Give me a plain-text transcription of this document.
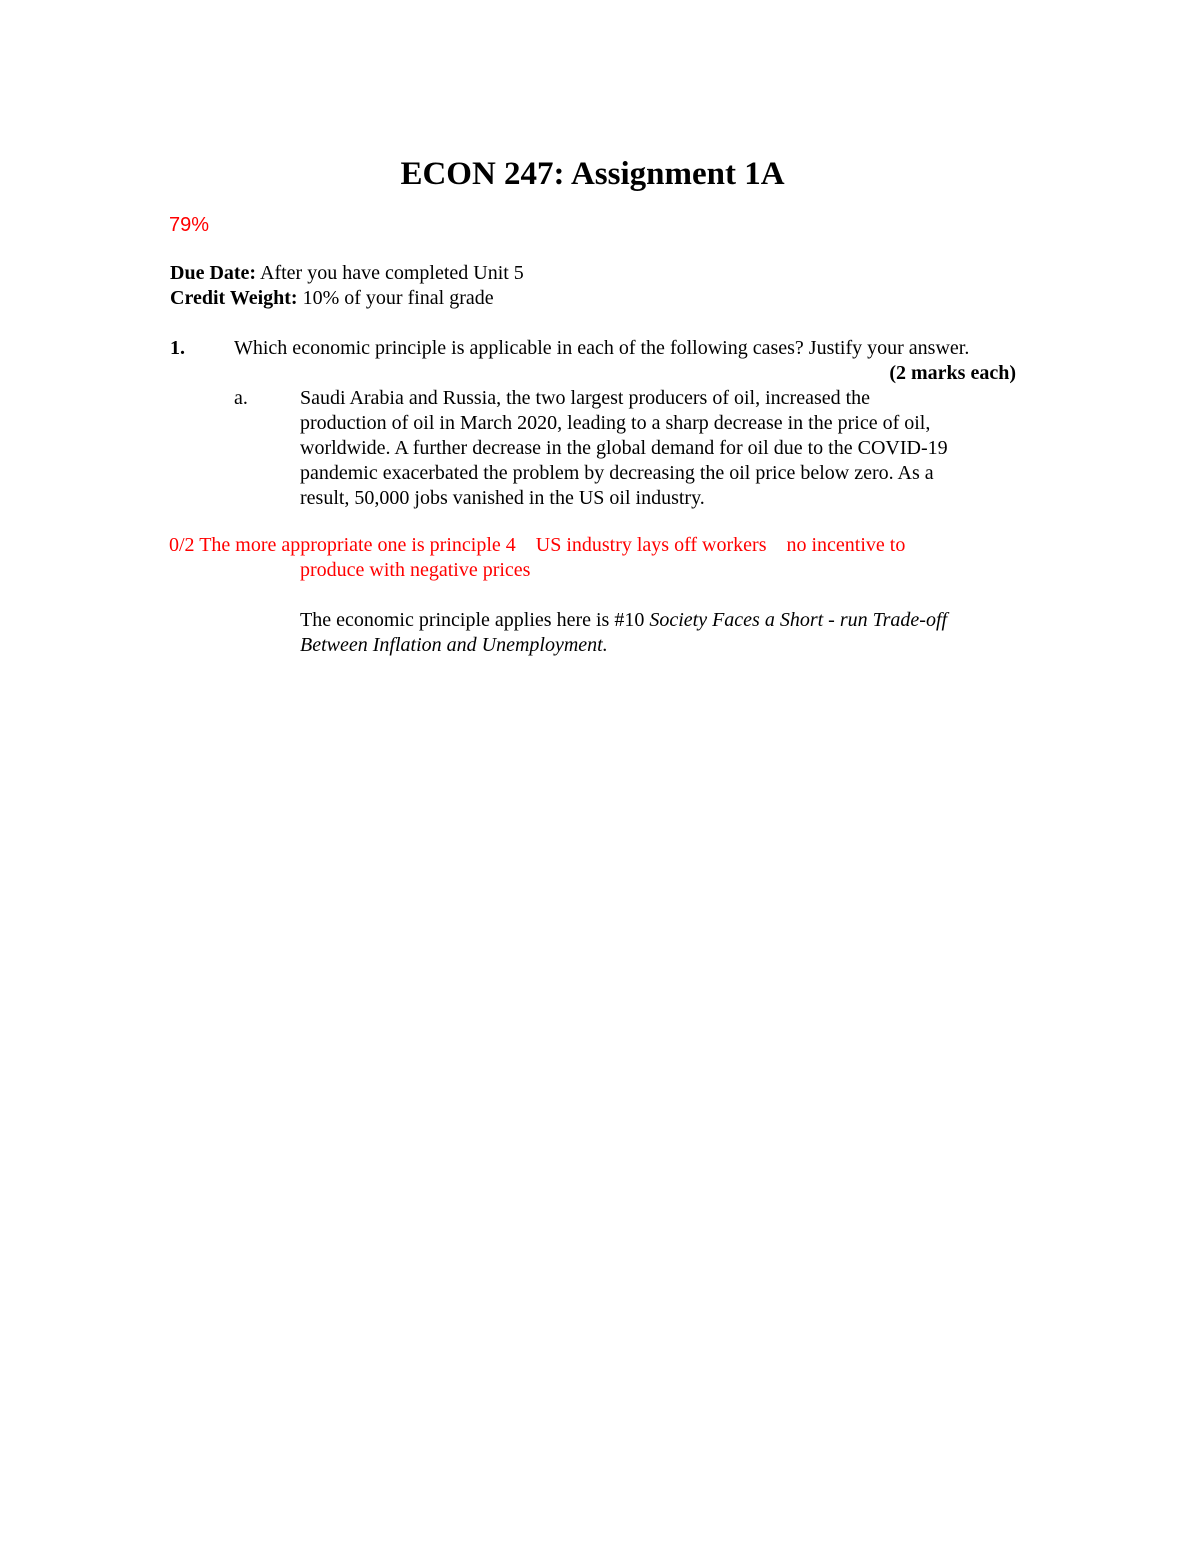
ECON 247: Assignment 1A
79%
Due Date: After you have completed Unit 5
Credit Weight: 10% of your final grade
1. Which economic principle is applicable in each of the following cases? Justify your answer.
(2 marks each)
a.	Saudi Arabia and Russia, the two largest producers of oil, increased the
production of oil in March 2020, leading to a sharp decrease in the price of oil,
worldwide. A further decrease in the global demand for oil due to the COVID-19
pandemic exacerbated the problem by decreasing the oil price below zero. As a
result, 50,000 jobs vanished in the US oil industry.
0/2 The more appropriate one is principle 4    US industry lays off workers    no incentive to
produce with negative prices
The economic principle applies here is #10 Society Faces a Short - run Trade-off
Between Inflation and Unemployment.
